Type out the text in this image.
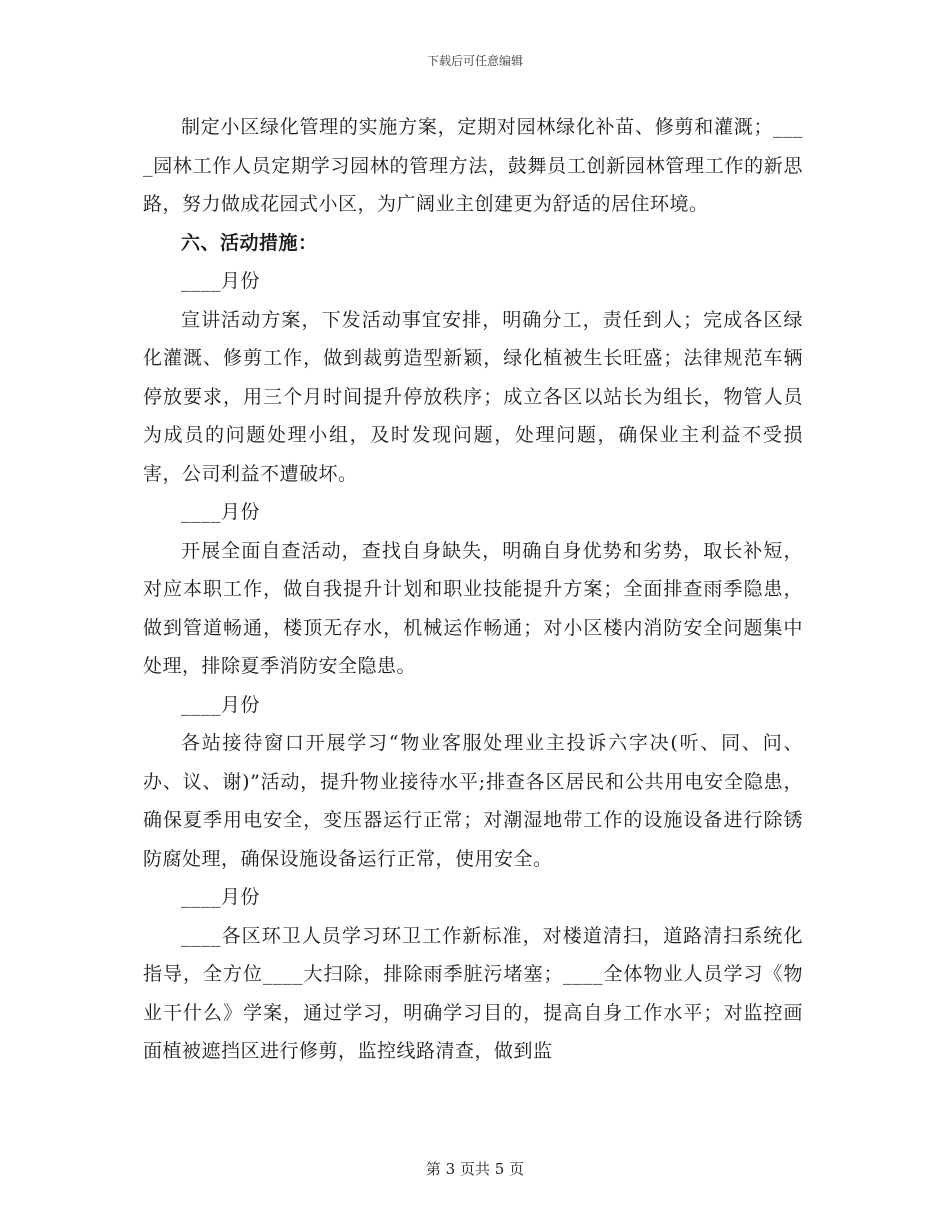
下载后可任意编辑

制定小区绿化管理的实施方案，定期对园林绿化补苗、修剪和灌溉；____园林工作人员定期学习园林的管理方法，鼓舞员工创新园林管理工作的新思路，努力做成花园式小区，为广阔业主创建更为舒适的居住环境。

六、活动措施：

____月份

宣讲活动方案，下发活动事宜安排，明确分工，责任到人；完成各区绿化灌溉、修剪工作，做到裁剪造型新颖，绿化植被生长旺盛；法律规范车辆停放要求，用三个月时间提升停放秩序；成立各区以站长为组长，物管人员为成员的问题处理小组，及时发现问题，处理问题，确保业主利益不受损害，公司利益不遭破坏。

____月份

开展全面自查活动，查找自身缺失，明确自身优势和劣势，取长补短，对应本职工作，做自我提升计划和职业技能提升方案；全面排查雨季隐患，做到管道畅通，楼顶无存水，机械运作畅通；对小区楼内消防安全问题集中处理，排除夏季消防安全隐患。

____月份

各站接待窗口开展学习“物业客服处理业主投诉六字决(听、同、问、办、议、谢)”活动，提升物业接待水平;排查各区居民和公共用电安全隐患，确保夏季用电安全，变压器运行正常；对潮湿地带工作的设施设备进行除锈防腐处理，确保设施设备运行正常，使用安全。

____月份

____各区环卫人员学习环卫工作新标准，对楼道清扫，道路清扫系统化指导，全方位____大扫除，排除雨季脏污堵塞；____全体物业人员学习《物业干什么》学案，通过学习，明确学习目的，提高自身工作水平；对监控画面植被遮挡区进行修剪，监控线路清查，做到监

第 3 页共 5 页
